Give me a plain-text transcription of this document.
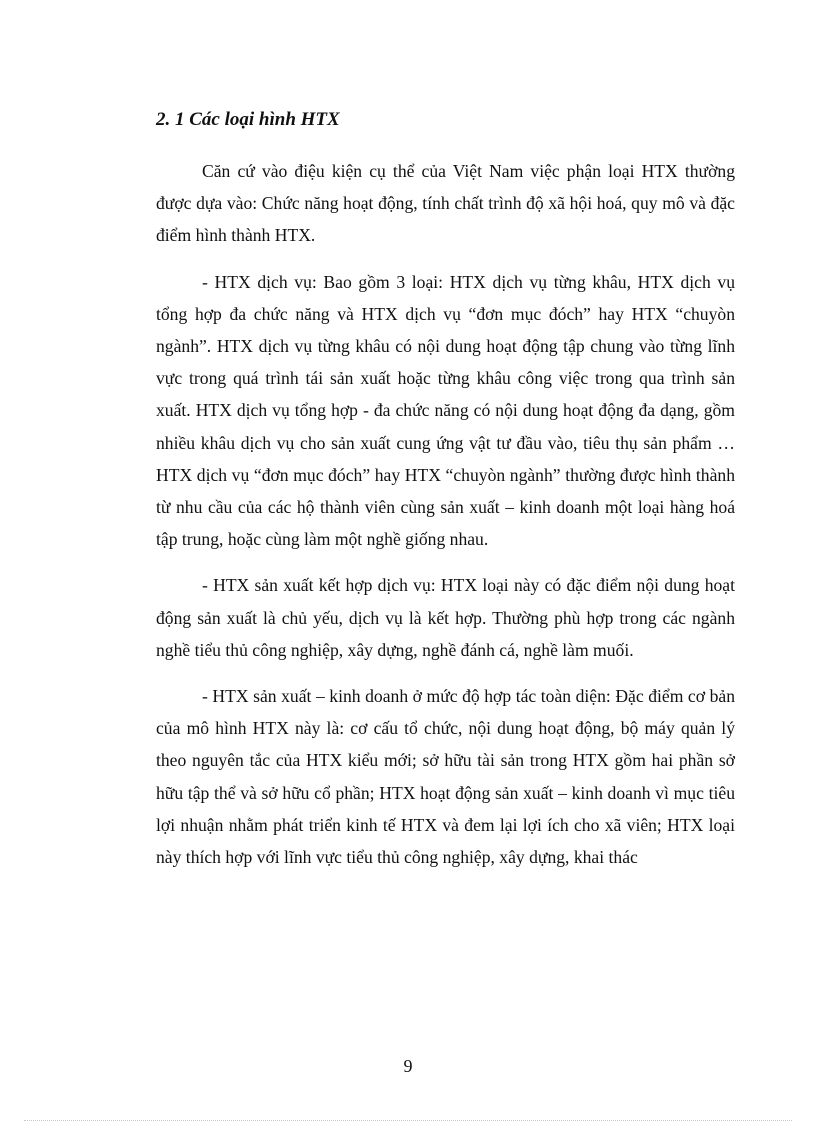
2. 1 Các loại hình HTX

Căn cứ vào điệu kiện cụ thể của Việt Nam việc phận loại HTX thường được dựa vào: Chức năng hoạt động, tính chất trình độ xã hội hoá, quy mô và đặc điểm hình thành HTX.

- HTX dịch vụ: Bao gồm 3 loại: HTX dịch vụ từng khâu, HTX dịch vụ tổng hợp đa chức năng và HTX dịch vụ “đơn mục đóch” hay HTX “chuyòn ngành”. HTX dịch vụ từng khâu có nội dung hoạt động tập chung vào từng lĩnh vực trong quá trình tái sản xuất hoặc từng khâu công việc trong qua trình sản xuất. HTX dịch vụ tổng hợp - đa chức năng có nội dung hoạt động đa dạng, gồm nhiều khâu dịch vụ cho sản xuất cung ứng vật tư đầu vào, tiêu thụ sản phẩm …HTX dịch vụ “đơn mục đóch” hay HTX “chuyòn ngành” thường được hình thành từ nhu cầu của các hộ thành viên cùng sản xuất – kinh doanh một loại hàng hoá tập trung, hoặc cùng làm một nghề giống nhau.

- HTX sản xuất kết hợp dịch vụ: HTX loại này có đặc điểm nội dung hoạt động sản xuất là chủ yếu, dịch vụ là kết hợp. Thường phù hợp trong các ngành nghề tiểu thủ công nghiệp, xây dựng, nghề đánh cá, nghề làm muối.

- HTX sản xuất – kinh doanh ở mức độ hợp tác toàn diện: Đặc điểm cơ bản của mô hình HTX này là: cơ cấu tổ chức, nội dung hoạt động, bộ máy quản lý theo nguyên tắc của HTX kiểu mới; sở hữu tài sản trong HTX gồm hai phần sở hữu tập thể và sở hữu cổ phần; HTX hoạt động sản xuất – kinh doanh vì mục tiêu lợi nhuận nhằm phát triển kinh tế HTX và đem lại lợi ích cho xã viên; HTX loại này thích hợp với lĩnh vực tiểu thủ công nghiệp, xây dựng, khai thác

9
